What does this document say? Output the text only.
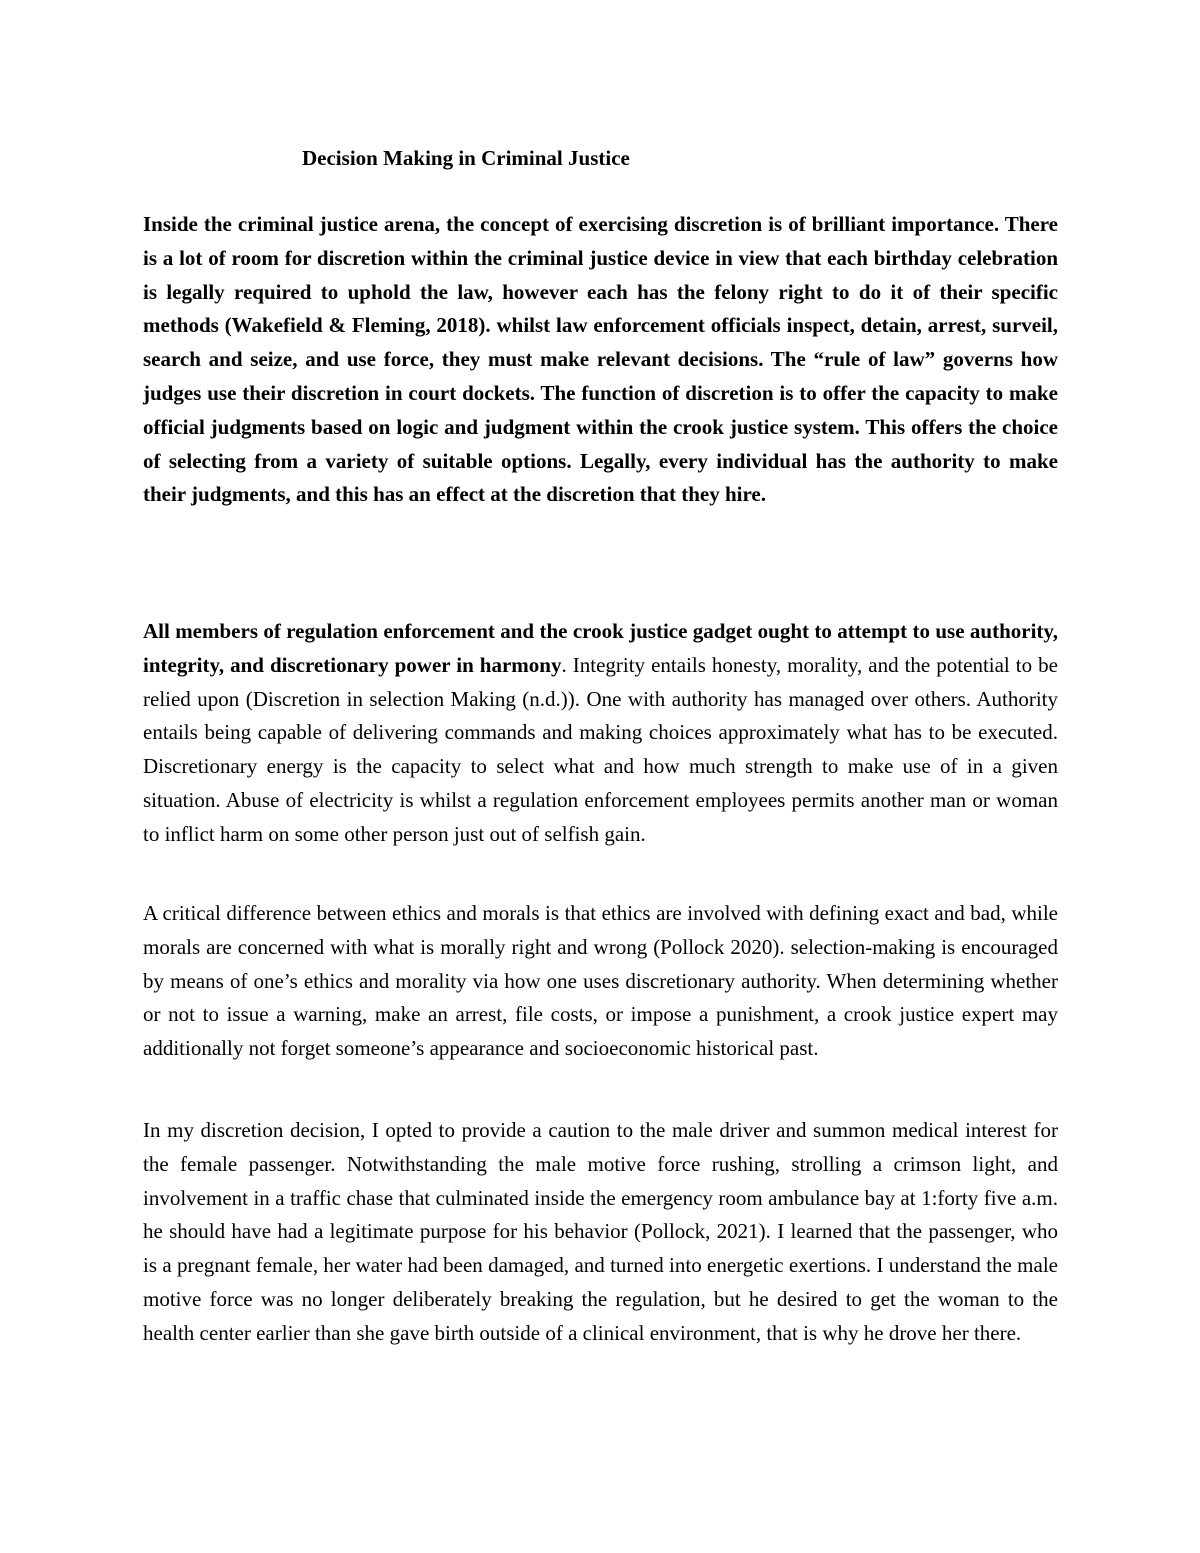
Decision Making in Criminal Justice

Inside the criminal justice arena, the concept of exercising discretion is of brilliant importance. There is a lot of room for discretion within the criminal justice device in view that each birthday celebration is legally required to uphold the law, however each has the felony right to do it of their specific methods (Wakefield & Fleming, 2018). whilst law enforcement officials inspect, detain, arrest, surveil, search and seize, and use force, they must make relevant decisions. The “rule of law” governs how judges use their discretion in court dockets. The function of discretion is to offer the capacity to make official judgments based on logic and judgment within the crook justice system. This offers the choice of selecting from a variety of suitable options. Legally, every individual has the authority to make their judgments, and this has an effect at the discretion that they hire.

All members of regulation enforcement and the crook justice gadget ought to attempt to use authority, integrity, and discretionary power in harmony. Integrity entails honesty, morality, and the potential to be relied upon (Discretion in selection Making (n.d.)). One with authority has managed over others. Authority entails being capable of delivering commands and making choices approximately what has to be executed. Discretionary energy is the capacity to select what and how much strength to make use of in a given situation. Abuse of electricity is whilst a regulation enforcement employees permits another man or woman to inflict harm on some other person just out of selfish gain.

A critical difference between ethics and morals is that ethics are involved with defining exact and bad, while morals are concerned with what is morally right and wrong (Pollock 2020). selection-making is encouraged by means of one’s ethics and morality via how one uses discretionary authority. When determining whether or not to issue a warning, make an arrest, file costs, or impose a punishment, a crook justice expert may additionally not forget someone’s appearance and socioeconomic historical past.

In my discretion decision, I opted to provide a caution to the male driver and summon medical interest for the female passenger. Notwithstanding the male motive force rushing, strolling a crimson light, and involvement in a traffic chase that culminated inside the emergency room ambulance bay at 1:forty five a.m. he should have had a legitimate purpose for his behavior (Pollock, 2021). I learned that the passenger, who is a pregnant female, her water had been damaged, and turned into energetic exertions. I understand the male motive force was no longer deliberately breaking the regulation, but he desired to get the woman to the health center earlier than she gave birth outside of a clinical environment, that is why he drove her there.
